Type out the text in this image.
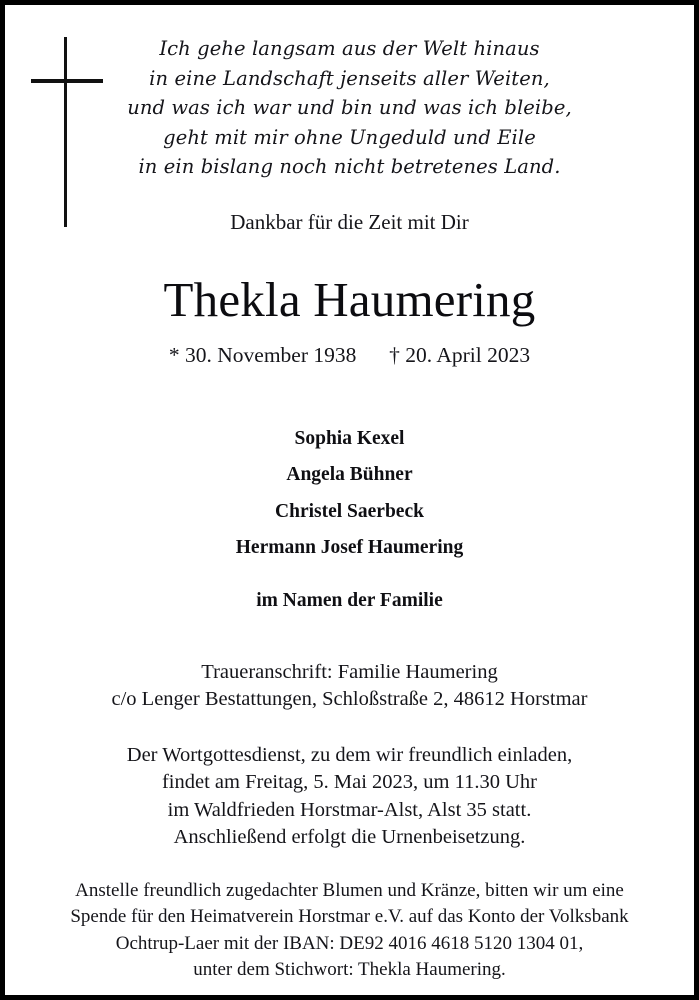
Ich gehe langsam aus der Welt hinaus
in eine Landschaft jenseits aller Weiten,
und was ich war und bin und was ich bleibe,
geht mit mir ohne Ungeduld und Eile
in ein bislang noch nicht betretenes Land.
Dankbar für die Zeit mit Dir
Thekla Haumering
* 30. November 1938 † 20. April 2023
Sophia Kexel
Angela Bühner
Christel Saerbeck
Hermann Josef Haumering
im Namen der Familie
Traueranschrift: Familie Haumering
c/o Lenger Bestattungen, Schloßstraße 2, 48612 Horstmar
Der Wortgottesdienst, zu dem wir freundlich einladen,
findet am Freitag, 5. Mai 2023, um 11.30 Uhr
im Waldfrieden Horstmar-Alst, Alst 35 statt.
Anschließend erfolgt die Urnenbeisetzung.
Anstelle freundlich zugedachter Blumen und Kränze, bitten wir um eine
Spende für den Heimatverein Horstmar e.V. auf das Konto der Volksbank
Ochtrup-Laer mit der IBAN: DE92 4016 4618 5120 1304 01,
unter dem Stichwort: Thekla Haumering.
